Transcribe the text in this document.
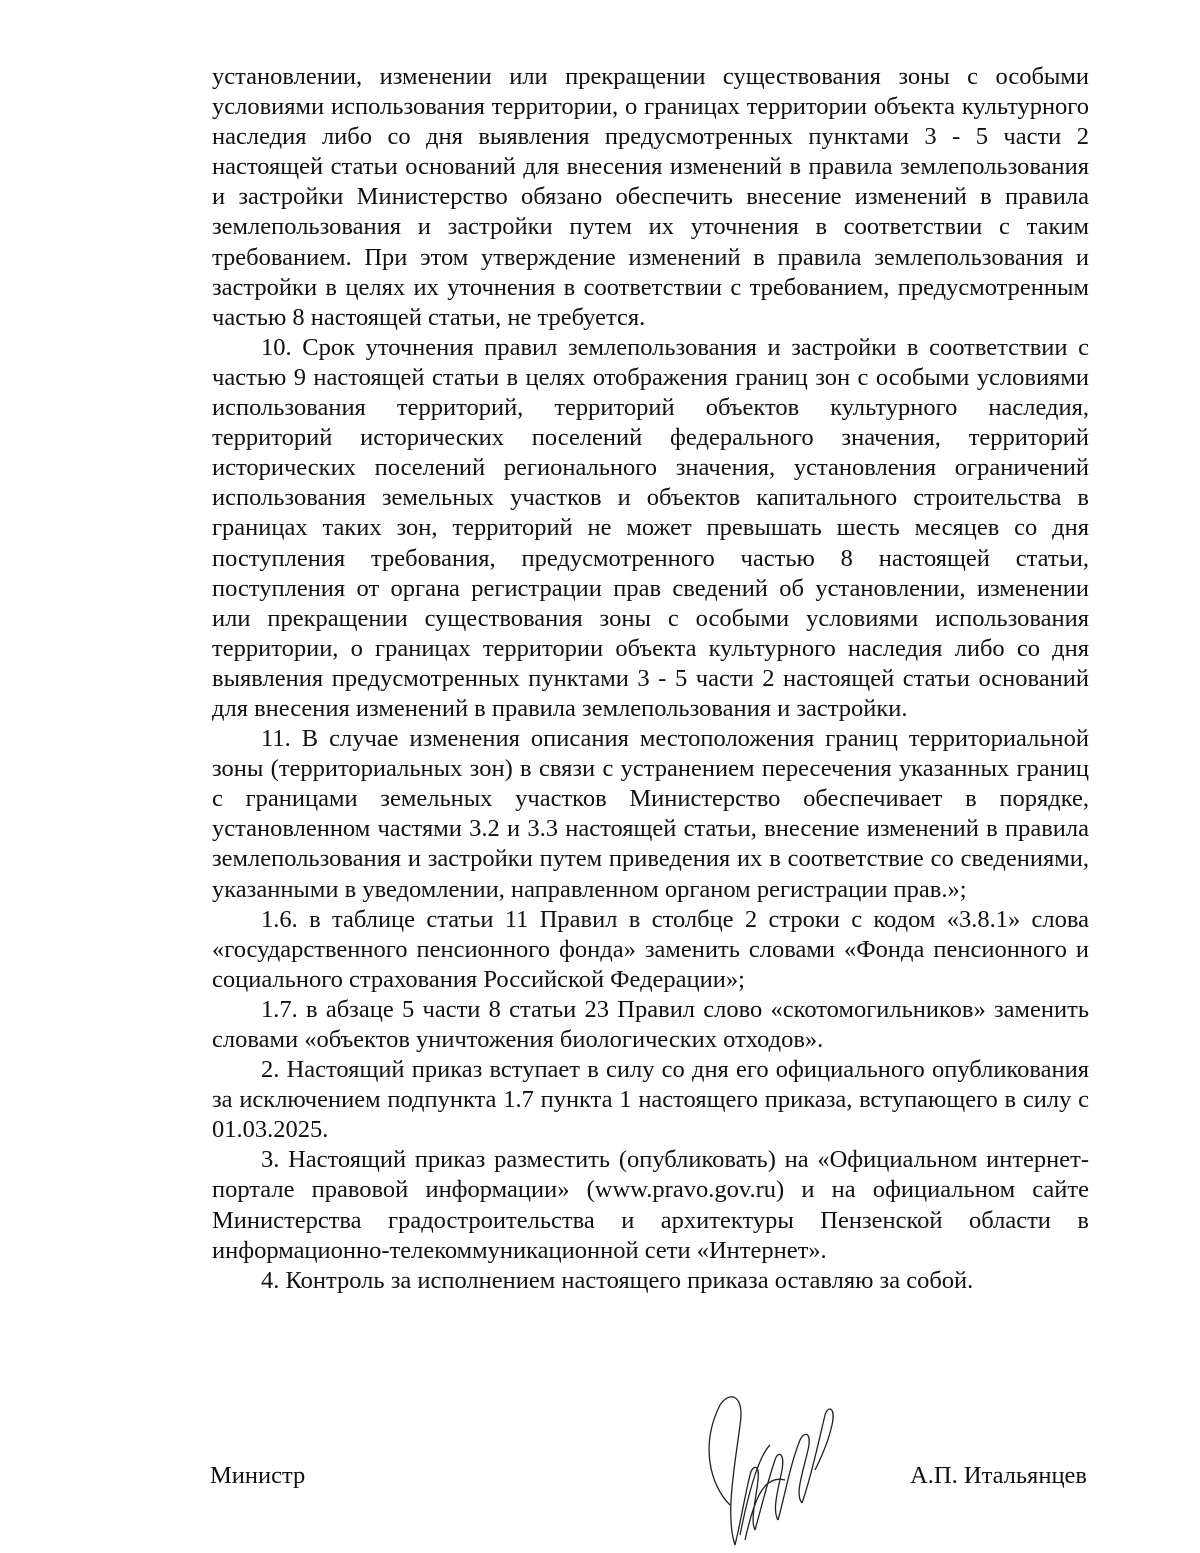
установлении, изменении или прекращении существования зоны с особыми условиями использования территории, о границах территории объекта культурного наследия либо со дня выявления предусмотренных пунктами 3 - 5 части 2 настоящей статьи оснований для внесения изменений в правила землепользования и застройки Министерство обязано обеспечить внесение изменений в правила землепользования и застройки путем их уточнения в соответствии с таким требованием. При этом утверждение изменений в правила землепользования и застройки в целях их уточнения в соответствии с требованием, предусмотренным частью 8 настоящей статьи, не требуется.

10. Срок уточнения правил землепользования и застройки в соответствии с частью 9 настоящей статьи в целях отображения границ зон с особыми условиями использования территорий, территорий объектов культурного наследия, территорий исторических поселений федерального значения, территорий исторических поселений регионального значения, установления ограничений использования земельных участков и объектов капитального строительства в границах таких зон, территорий не может превышать шесть месяцев со дня поступления требования, предусмотренного частью 8 настоящей статьи, поступления от органа регистрации прав сведений об установлении, изменении или прекращении существования зоны с особыми условиями использования территории, о границах территории объекта культурного наследия либо со дня выявления предусмотренных пунктами 3 - 5 части 2 настоящей статьи оснований для внесения изменений в правила землепользования и застройки.

11. В случае изменения описания местоположения границ территориальной зоны (территориальных зон) в связи с устранением пересечения указанных границ с границами земельных участков Министерство обеспечивает в порядке, установленном частями 3.2 и 3.3 настоящей статьи, внесение изменений в правила землепользования и застройки путем приведения их в соответствие со сведениями, указанными в уведомлении, направленном органом регистрации прав.»;

1.6. в таблице статьи 11 Правил в столбце 2 строки с кодом «3.8.1» слова «государственного пенсионного фонда» заменить словами «Фонда пенсионного и социального страхования Российской Федерации»;

1.7. в абзаце 5 части 8 статьи 23 Правил слово «скотомогильников» заменить словами «объектов уничтожения биологических отходов».

2. Настоящий приказ вступает в силу со дня его официального опубликования за исключением подпункта 1.7 пункта 1 настоящего приказа, вступающего в силу с 01.03.2025.

3. Настоящий приказ разместить (опубликовать) на «Официальном интернет-портале правовой информации» (www.pravo.gov.ru) и на официальном сайте Министерства градостроительства и архитектуры Пензенской области в информационно-телекоммуникационной сети «Интернет».

4. Контроль за исполнением настоящего приказа оставляю за собой.

Министр	А.П. Итальянцев
